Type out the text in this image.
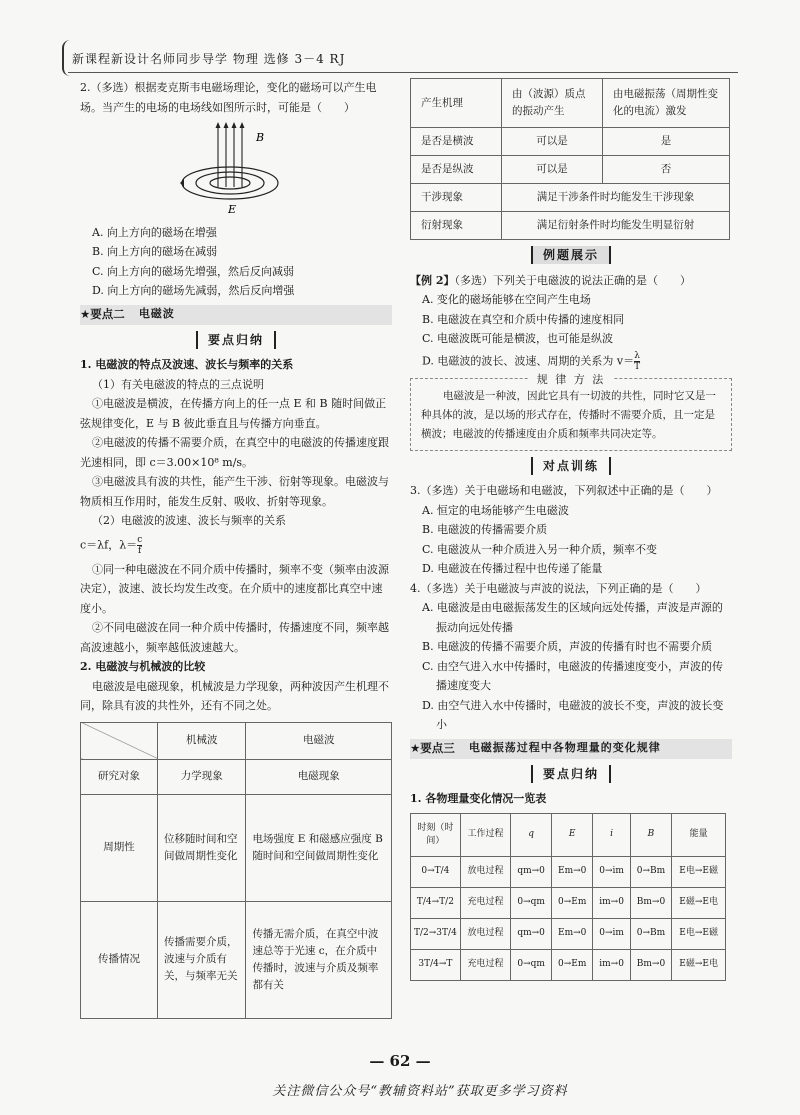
新课程新设计名师同步导学 物理 选修 3－4 RJ

2.（多选）根据麦克斯韦电磁场理论，变化的磁场可以产生电场。当产生的电场的电场线如图所示时，可能是（　　）

B
E

A. 向上方向的磁场在增强

B. 向上方向的磁场在减弱

C. 向上方向的磁场先增强，然后反向减弱

D. 向上方向的磁场先减弱，然后反向增强

★要点二 电磁波
要点归纳

1. 电磁波的特点及波速、波长与频率的关系

（1）有关电磁波的特点的三点说明

①电磁波是横波，在传播方向上的任一点 E 和 B 随时间做正弦规律变化，E 与 B 彼此垂直且与传播方向垂直。

②电磁波的传播不需要介质，在真空中的电磁波的传播速度跟光速相同，即 c＝3.00×10⁸ m/s。

③电磁波具有波的共性，能产生干涉、衍射等现象。电磁波与物质相互作用时，能发生反射、吸收、折射等现象。

（2）电磁波的波速、波长与频率的关系

c＝λf，$\lambda= \frac{c}{f}$

①同一种电磁波在不同介质中传播时，频率不变（频率由波源决定），波速、波长均发生改变。在介质中的速度都比真空中速度小。

②不同电磁波在同一种介质中传播时，传播速度不同，频率越高波速越小，频率越低波速越大。

2. 电磁波与机械波的比较

电磁波是电磁现象，机械波是力学现象，两种波因产生机理不同，除具有波的共性外，还有不同之处。

	机械波	电磁波
研究对象	力学现象	电磁现象
周期性	位移随时间和空间做周期性变化	电场强度 E 和磁感应强度 B 随时间和空间做周期性变化
传播情况	传播需要介质，波速与介质有关，与频率无关	传播无需介质，在真空中波速总等于光速 c，在介质中传播时，波速与介质及频率都有关
产生机理	由（波源）质点的振动产生	由电磁振荡（周期性变化的电流）激发
是否是横波	可以是	是
是否是纵波	可以是	否
干涉现象	满足干涉条件时均能发生干涉现象	
衍射现象	满足衍射条件时均能发生明显衍射	
例题展示

【例 2】（多选）下列关于电磁波的说法正确的是（　　）

A. 变化的磁场能够在空间产生电场

B. 电磁波在真空和介质中传播的速度相同

C. 电磁波既可能是横波，也可能是纵波

D. 电磁波的波长、波速、周期的关系为 $v= \frac{\lambda}{T}$

规 律 方 法
电磁波是一种波，因此它具有一切波的共性，同时它又是一种具体的波，是以场的形式存在，传播时不需要介质，且一定是横波；电磁波的传播速度由介质和频率共同决定等。
对点训练

3.（多选）关于电磁场和电磁波，下列叙述中正确的是（　　）

A. 恒定的电场能够产生电磁波

B. 电磁波的传播需要介质

C. 电磁波从一种介质进入另一种介质，频率不变

D. 电磁波在传播过程中也传递了能量

4.（多选）关于电磁波与声波的说法，下列正确的是（　　）

A. 电磁波是由电磁振荡发生的区域向远处传播，声波是声源的振动向远处传播

B. 电磁波的传播不需要介质，声波的传播有时也不需要介质

C. 由空气进入水中传播时，电磁波的传播速度变小，声波的传播速度变大

D. 由空气进入水中传播时，电磁波的波长不变，声波的波长变小

★要点三 电磁振荡过程中各物理量的变化规律
要点归纳

1. 各物理量变化情况一览表

时刻（时间）	工作过程	q	E	i	B	能量
0→T/4	放电过程	qm→0	Em→0	0→im	0→Bm	E电→E磁
T/4→T/2	充电过程	0→qm	0→Em	im→0	Bm→0	E磁→E电
T/2→3T/4	放电过程	qm→0	Em→0	0→im	0→Bm	E电→E磁
3T/4→T	充电过程	0→qm	0→Em	im→0	Bm→0	E磁→E电
— 62 —
关注微信公众号“教辅资料站”获取更多学习资料
